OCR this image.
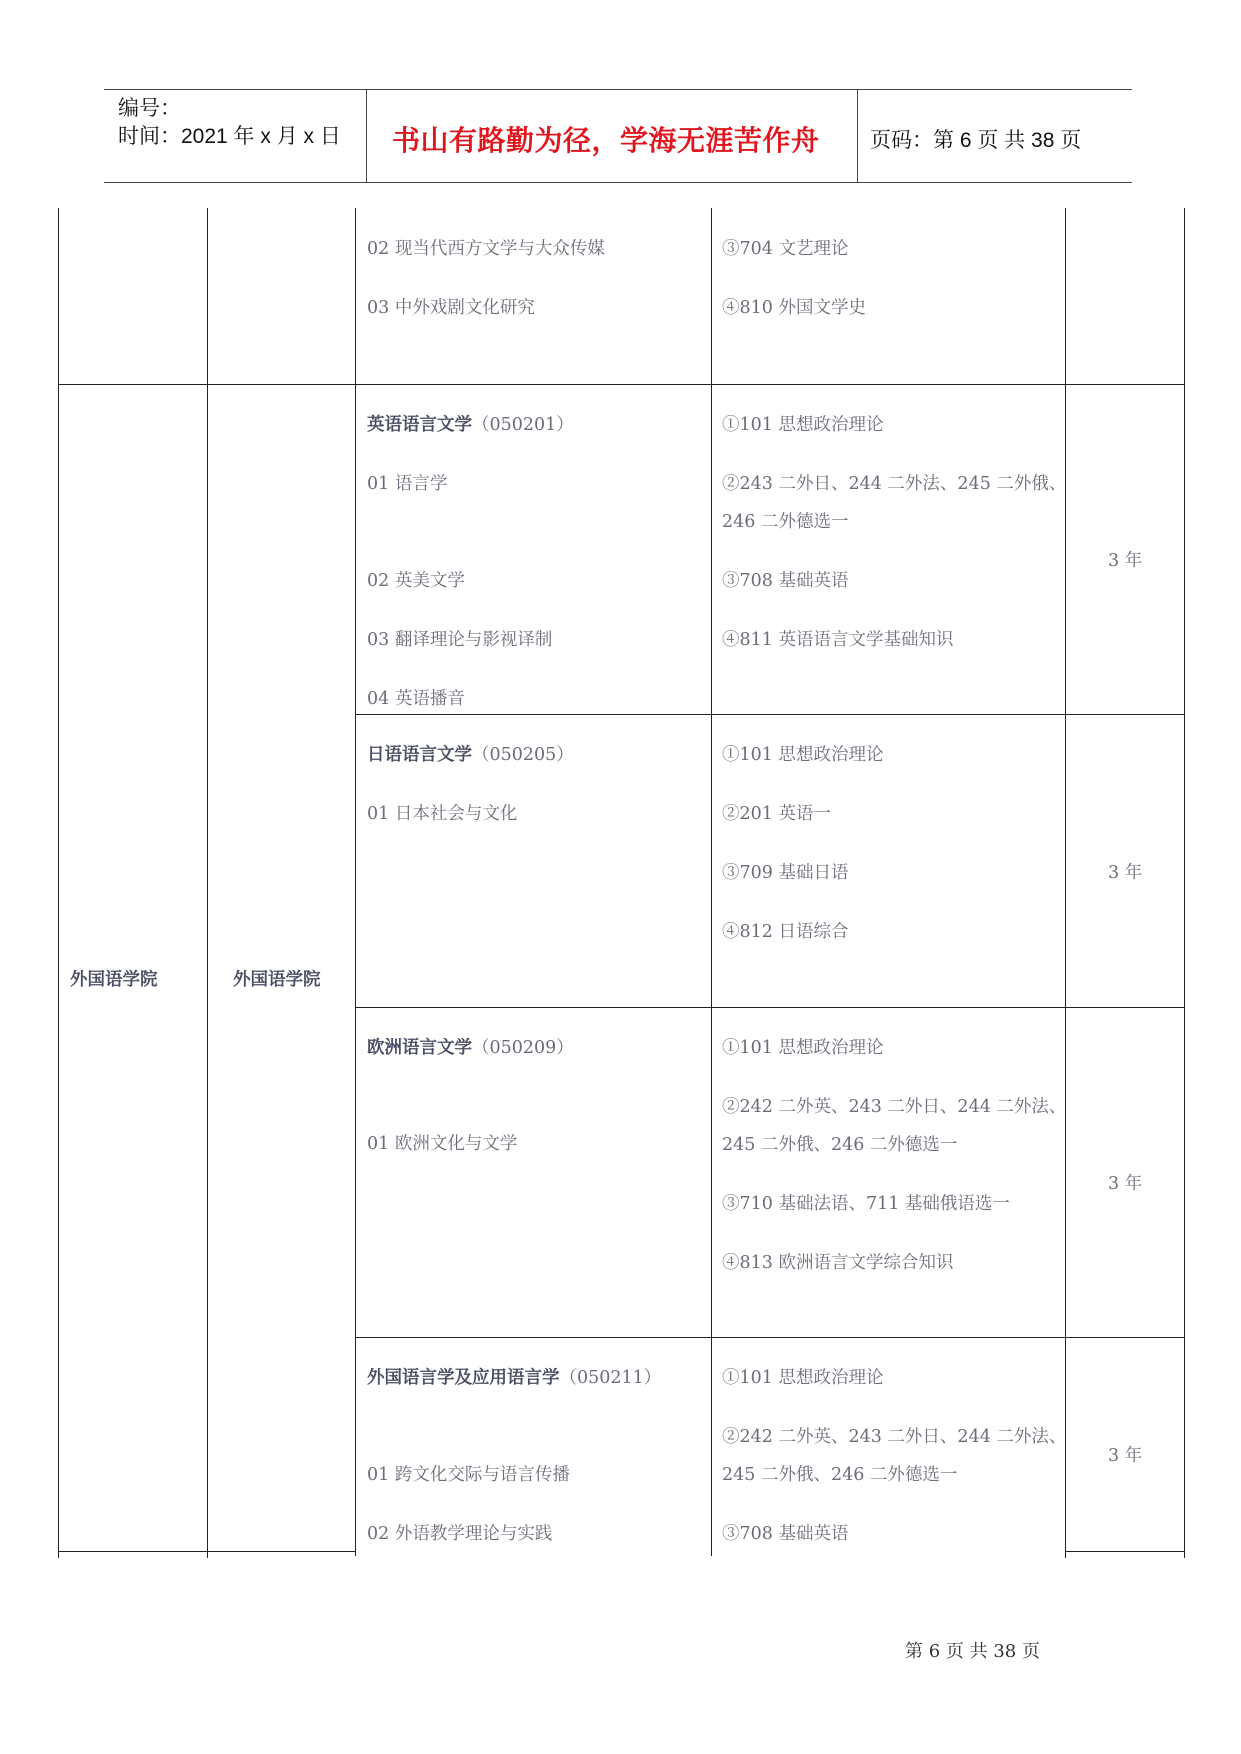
编号：
时间：2021 年 x 月 x 日 书山有路勤为径，学海无涯苦作舟 页码：第 6 页 共 38 页
02 现当代西方文学与大众传媒
03 中外戏剧文化研究
③704 文艺理论
④810 外国文学史
外国语学院	外国语学院
英语语言文学（050201）
01 语言学
02 英美文学
03 翻译理论与影视译制
04 英语播音
①101 思想政治理论
②243 二外日、244 二外法、245 二外俄、
246 二外德选一
③708 基础英语
④811 英语语言文学基础知识
3 年
日语语言文学（050205）
01 日本社会与文化
①101 思想政治理论
②201 英语一
③709 基础日语
④812 日语综合
3 年
欧洲语言文学（050209）
01 欧洲文化与文学
①101 思想政治理论
②242 二外英、243 二外日、244 二外法、
245 二外俄、246 二外德选一
③710 基础法语、711 基础俄语选一
④813 欧洲语言文学综合知识
3 年
外国语言学及应用语言学（050211）
01 跨文化交际与语言传播
02 外语教学理论与实践
①101 思想政治理论
②242 二外英、243 二外日、244 二外法、
245 二外俄、246 二外德选一
③708 基础英语
3 年
第 6 页 共 38 页
